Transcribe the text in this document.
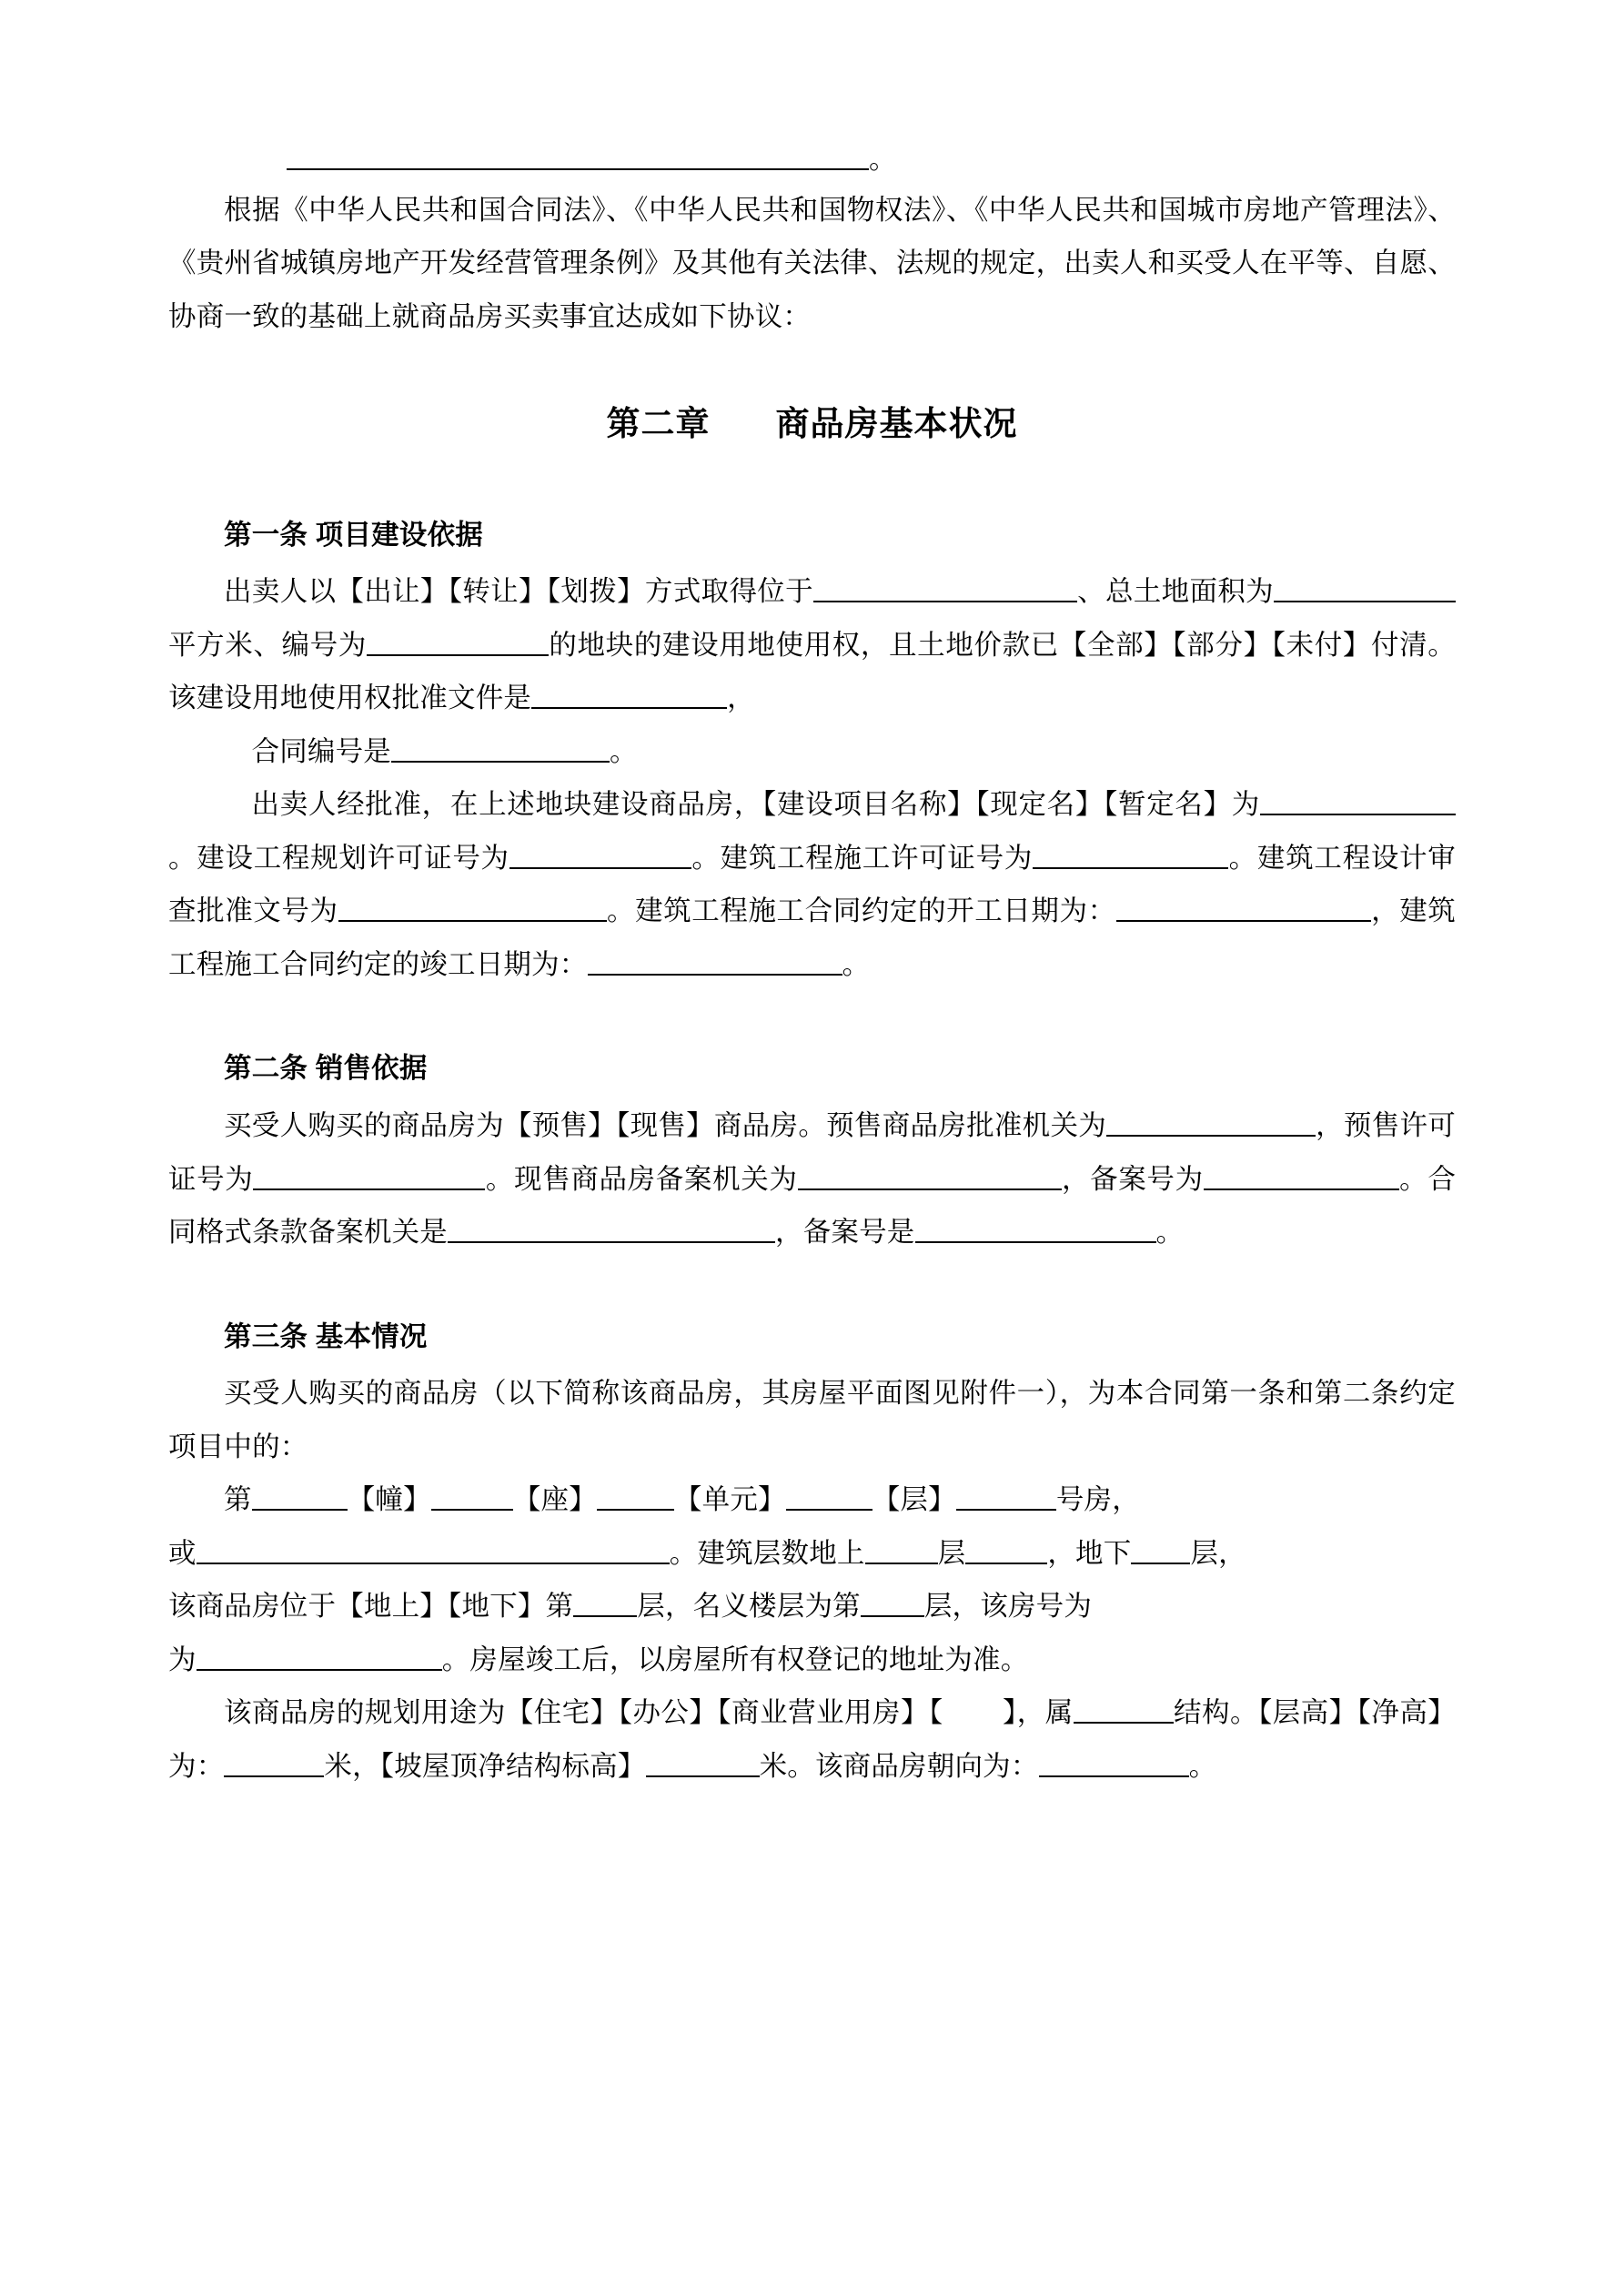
。

根据《中华人民共和国合同法》、《中华人民共和国物权法》、《中华人民共和国城市房地产管理法》、《贵州省城镇房地产开发经营管理条例》及其他有关法律、法规的规定，出卖人和买受人在平等、自愿、协商一致的基础上就商品房买卖事宜达成如下协议：

第二章 商品房基本状况

第一条 项目建设依据

出卖人以【出让】【转让】【划拨】方式取得位于	、总土地面积为平方米、编号为	的地块的建设用地使用权，且土地价款已【全部】【部分】【未付】付清。该建设用地使用权批准文件是	，

合同编号是	。

出卖人经批准，在上述地块建设商品房，【建设项目名称】【现定名】【暂定名】为。建设工程规划许可证号为	。建筑工程施工许可证号为	。建筑工程设计审查批准文号为	。建筑工程施工合同约定的开工日期为：	，建筑工程施工合同约定的竣工日期为：	。

第二条 销售依据

买受人购买的商品房为【预售】【现售】商品房。预售商品房批准机关为	，预售许可证号为	。现售商品房备案机关为	，备案号为	。合同格式条款备案机关是	，备案号是	。

第三条 基本情况

买受人购买的商品房（以下简称该商品房，其房屋平面图见附件一），为本合同第一条和第二条约定项目中的：

第	【幢】	【座】	【单元】	【层】	号房，

或	。建筑层数地上	层	，地下 层，

该商品房位于【地上】【地下】第 层，名义楼层为第 层，该房号为

为	。房屋竣工后，以房屋所有权登记的地址为准。

该商品房的规划用途为【住宅】【办公】【商业营业用房】【 】，属	结构。【层高】【净高】为：	米，【坡屋顶净结构标高】	米。该商品房朝向为：	。
